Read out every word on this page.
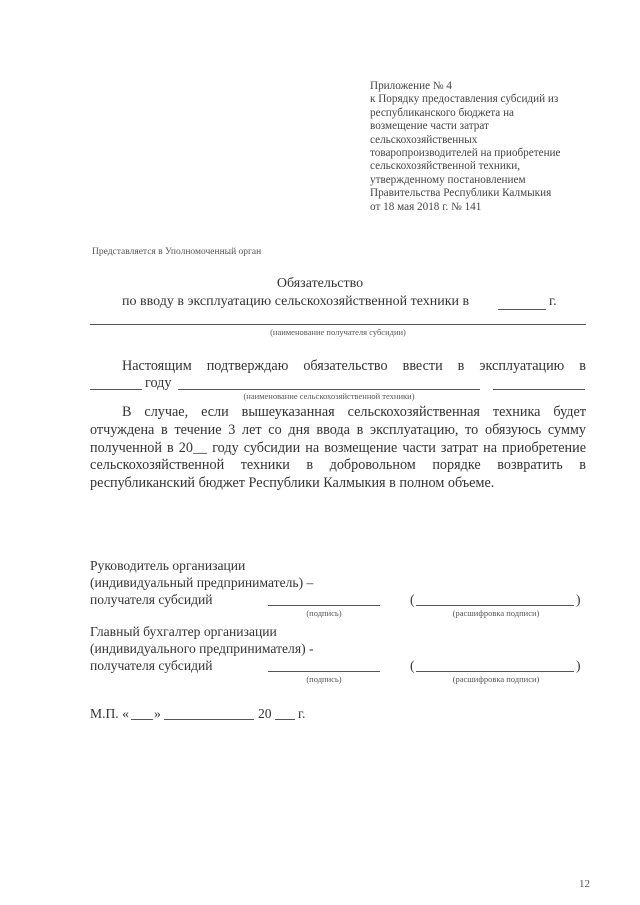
Приложение № 4
к Порядку предоставления субсидий из
республиканского бюджета на
возмещение части затрат
сельскохозяйственных
товаропроизводителей на приобретение
сельскохозяйственной техники,
утвержденному постановлением
Правительства Республики Калмыкия
от 18 мая 2018 г. № 141
Представляется в Уполномоченный орган
Обязательство
по вводу в эксплуатацию сельскохозяйственной техники в	г.
(наименование получателя субсидии)
Настоящим подтверждаю обязательство ввести в эксплуатацию в
году
(наименование сельскохозяйственной техники)
В случае, если вышеуказанная сельскохозяйственная техника будет отчуждена в течение 3 лет со дня ввода в эксплуатацию, то обязуюсь сумму полученной в 20__ году субсидии на возмещение части затрат на приобретение сельскохозяйственной техники в добровольном порядке возвратить в республиканский бюджет Республики Калмыкия в полном объеме.
Руководитель организации
(индивидуальный предприниматель) –
получателя субсидий
(подпись)
(	)
(расшифровка подписи)
Главный бухгалтер организации
(индивидуального предпринимателя) -
получателя субсидий
(подпись)
(	)
(расшифровка подписи)
М.П. « »	20 г.
12
